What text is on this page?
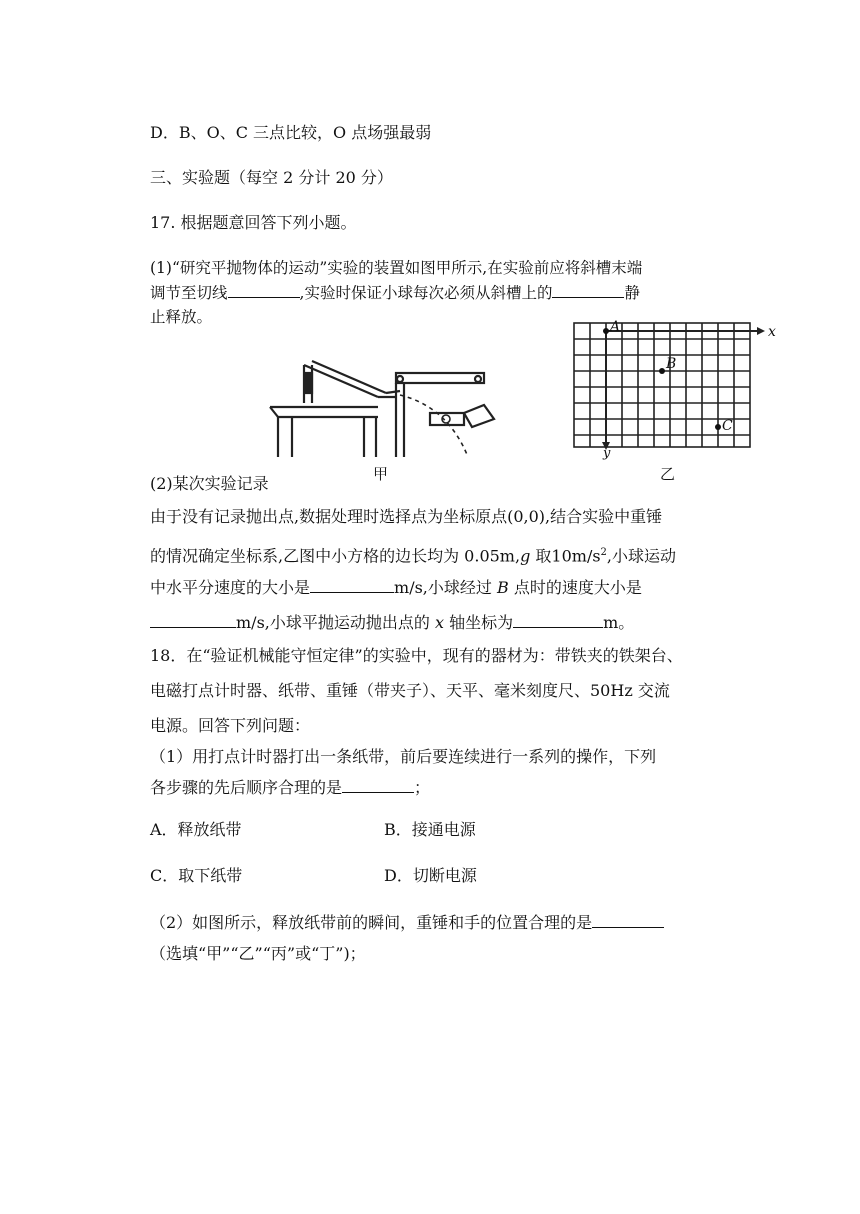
D．B、O、C 三点比较，O 点场强最弱
三、实验题（每空 2 分计 20 分）
17. 根据题意回答下列小题。
(1)“研究平抛物体的运动”实验的装置如图甲所示,在实验前应将斜槽末端
调节至切线	,实验时保证小球每次必须从斜槽上的	静
止释放。
甲
A
B
C
x
y
乙
(2)某次实验记录
由于没有记录抛出点,数据处理时选择点为坐标原点(0,0),结合实验中重锤
的情况确定坐标系,乙图中小方格的边长均为 0.05m,g 取$10m/s^2$,小球运动
中水平分速度的大小是	m/s,小球经过 B 点时的速度大小是
m/s,小球平抛运动抛出点的 x 轴坐标为	m。
18．在“验证机械能守恒定律”的实验中，现有的器材为：带铁夹的铁架台、
电磁打点计时器、纸带、重锤（带夹子）、天平、毫米刻度尺、50Hz 交流
电源。回答下列问题：
（1）用打点计时器打出一条纸带，前后要连续进行一系列的操作，下列
各步骤的先后顺序合理的是	；
A．释放纸带	B．接通电源
C．取下纸带	D．切断电源
（2）如图所示，释放纸带前的瞬间，重锤和手的位置合理的是
（选填“甲”“乙”“丙”或“丁”)；
